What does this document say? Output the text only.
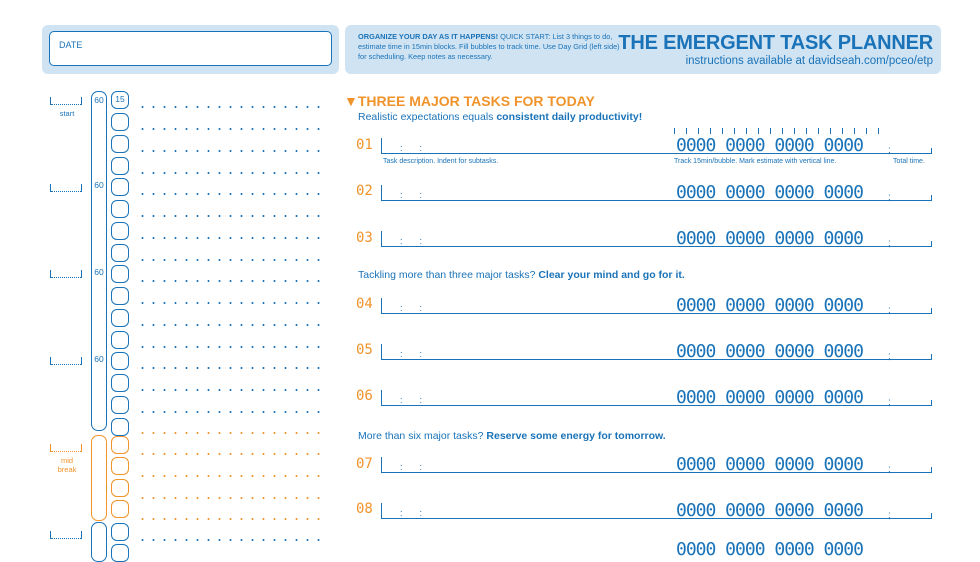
DATE
ORGANIZE YOUR DAY AS IT HAPPENS! QUICK START: List 3 things to do, estimate time in 15min blocks. Fill bubbles to track time. Use Day Grid (left side) for scheduling. Keep notes as necessary.
THE EMERGENT TASK PLANNER
instructions available at davidseah.com/pceo/etp
start
mid
break
60
60
60
60
15	▼THREE MAJOR TASKS FOR TODAY
Realistic expectations equals consistent daily productivity!
01	::	0000 0000 0000 0000	;
Task description. Indent for subtasks.	Track 15min/bubble. Mark estimate with vertical line.	Total time.
02	::	0000 0000 0000 0000	;
03	::	0000 0000 0000 0000	;
Tackling more than three major tasks? Clear your mind and go for it.
04	::	0000 0000 0000 0000	;
05	::	0000 0000 0000 0000	;
06	::	0000 0000 0000 0000	;
More than six major tasks? Reserve some energy for tomorrow.
07	::	0000 0000 0000 0000	;
08	::	0000 0000 0000 0000	;
0000 0000 0000 0000
